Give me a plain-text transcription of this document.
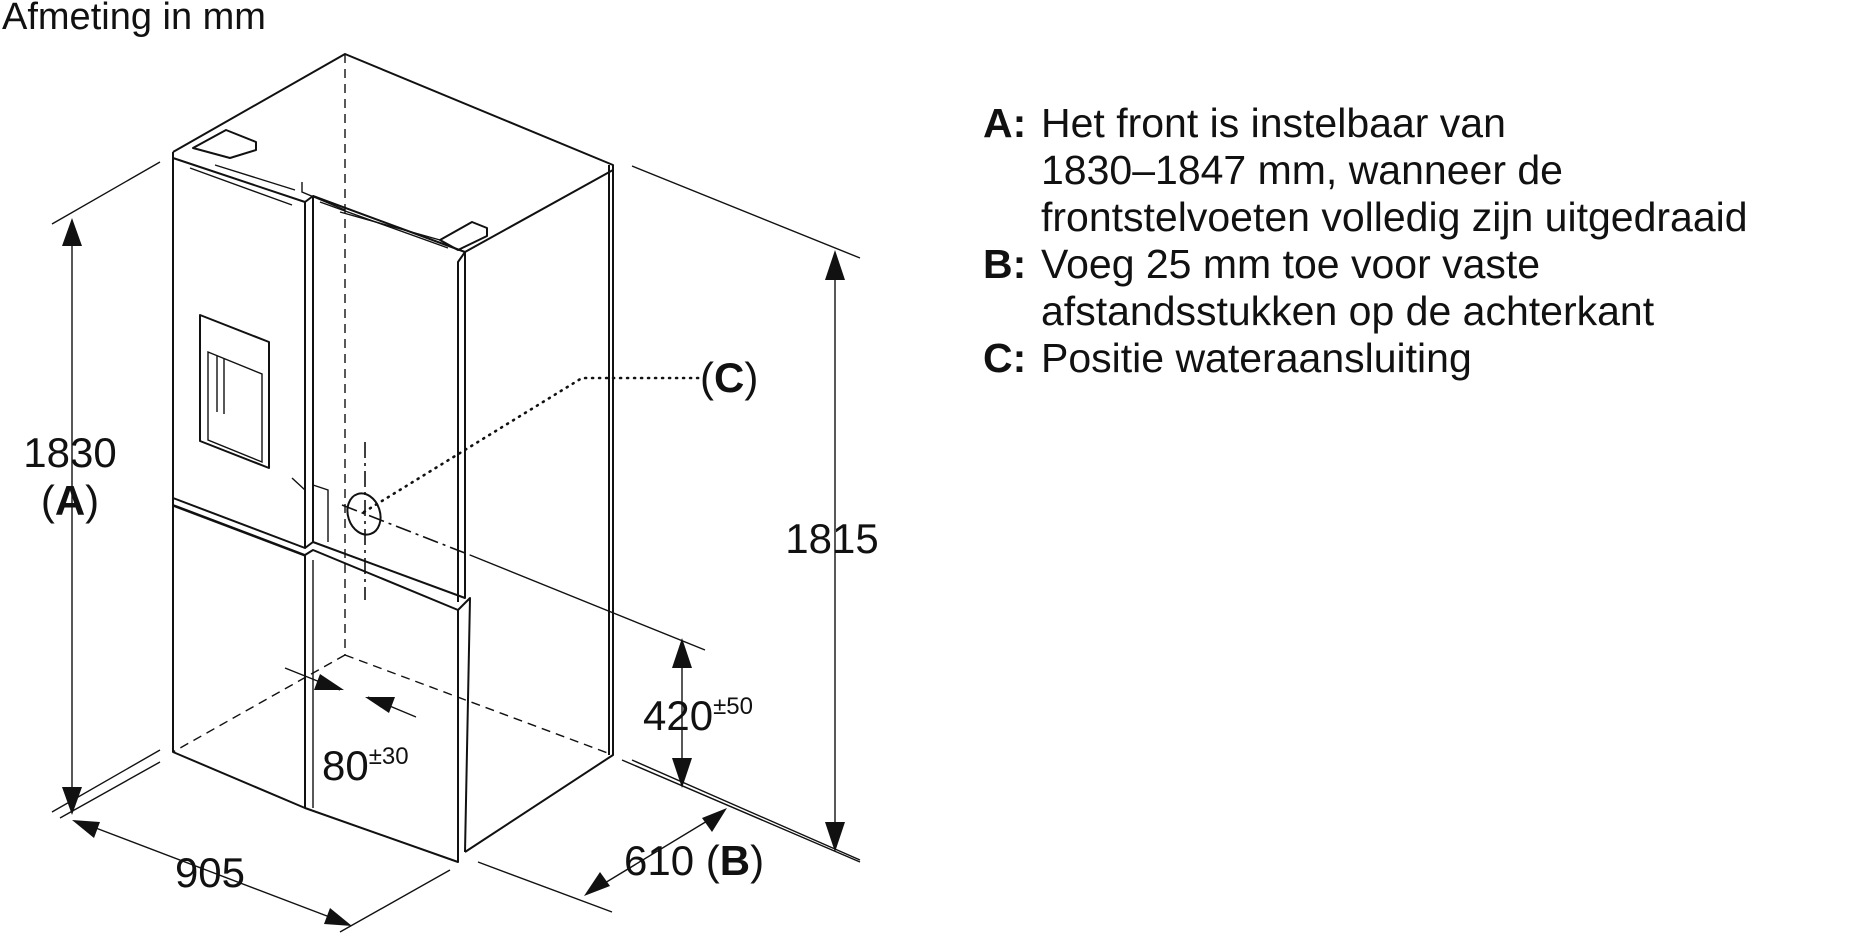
Afmeting in mm
1830
(A)
1815
905	610 (B)
$420^{\pm 50}$
$80^{\pm 30}$
(C)
A: Het front is instelbaar van
1830–1847 mm, wanneer de
frontstelvoeten volledig zijn uitgedraaid
B: Voeg 25 mm toe voor vaste
afstandsstukken op de achterkant
C: Positie wateraansluiting
